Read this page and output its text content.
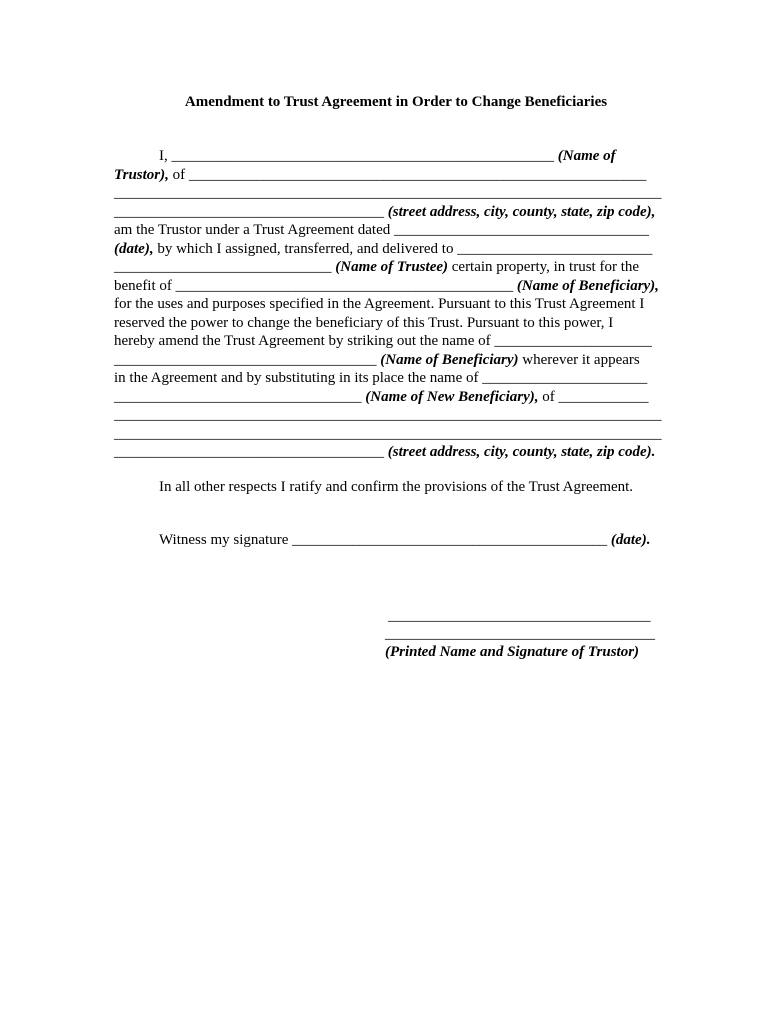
Amendment to Trust Agreement in Order to Change Beneficiaries
I, ___________________________________________________ (Name of
Trustor), of _____________________________________________________________
_________________________________________________________________________
____________________________________ (street address, city, county, state, zip code),
am the Trustor under a Trust Agreement dated __________________________________
(date), by which I assigned, transferred, and delivered to __________________________
_____________________________ (Name of Trustee) certain property, in trust for the
benefit of _____________________________________________ (Name of Beneficiary),
for the uses and purposes specified in the Agreement. Pursuant to this Trust Agreement I
reserved the power to change the beneficiary of this Trust. Pursuant to this power, I
hereby amend the Trust Agreement by striking out the name of _____________________
___________________________________ (Name of Beneficiary) wherever it appears
in the Agreement and by substituting in its place the name of ______________________
_________________________________ (Name of New Beneficiary), of ____________
_________________________________________________________________________
_________________________________________________________________________
____________________________________ (street address, city, county, state, zip code).
In all other respects I ratify and confirm the provisions of the Trust Agreement.
Witness my signature __________________________________________ (date).
___________________________________
____________________________________
(Printed Name and Signature of Trustor)
